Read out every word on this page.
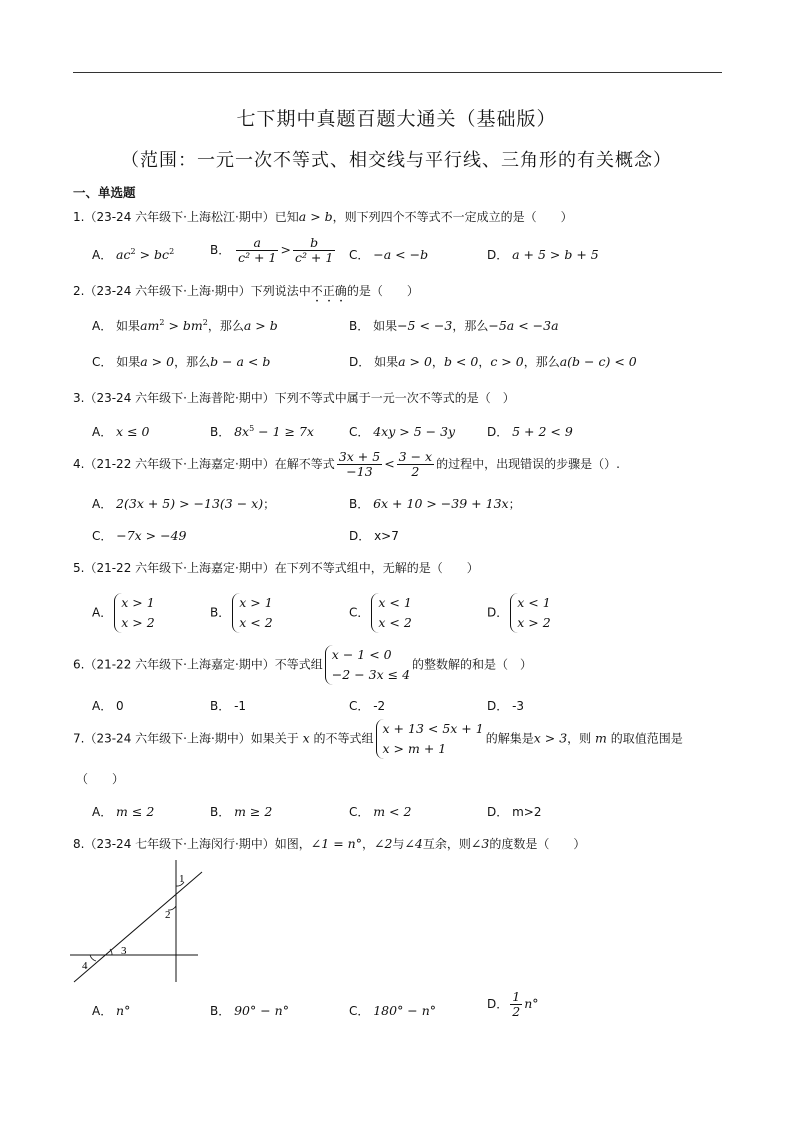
七下期中真题百题大通关（基础版）
（范围：一元一次不等式、相交线与平行线、三角形的有关概念）
一、单选题
1.（23-24 六年级下·上海松江·期中）已知a > b，则下列四个不等式不一定成立的是（　　）
A． $ac^2 > bc^2$	B． $\frac{a}{\text{c² + 1}} > \frac{b}{\text{c² + 1}}$ C． −a < −b	D． a + 5 > b + 5
2.（23-24 六年级下·上海·期中）下列说法中不正确的是（　　）
A． 如果$am^2 > bm^2$，那么a > b	B． 如果−5 < −3，那么−5a < −3a
C． 如果a > 0，那么b − a < b	D． 如果a > 0，b < 0，c > 0，那么a(b − c) < 0
3.（23-24 六年级下·上海普陀·期中）下列不等式中属于一元一次不等式的是（　）
A． x ≤ 0	B． $8x^5 - 1 \ge 7x$	C． 4xy > 5 − 3y	D． 5 + 2 < 9
4.（21-22 六年级下·上海嘉定·期中）在解不等式 $\frac{3x + 5}{-13} < \frac{3 - x}{2}$ 的过程中，出现错误的步骤是（）.
A． 2(3x + 5) > −13(3 − x)；	B． 6x + 10 > −39 + 13x；
C． −7x > −49	D． x>7
5.（21-22 六年级下·上海嘉定·期中）在下列不等式组中，无解的是（　　）
A．
x > 1
x > 2
B．
x > 1
x < 2
C．
x < 1
x < 2
D．
x < 1
x > 2
6.（21-22 六年级下·上海嘉定·期中）不等式组
x − 1 < 0
−2 − 3x ≤ 4
的整数解的和是（　）
A． 0	B． -1	C． -2	D． -3
7.（23-24 六年级下·上海·期中）如果关于 x 的不等式组
x + 13 < 5x + 1
x > m + 1
的解集是x > 3，则 m 的取值范围是
（　　）
A． m ≤ 2	B． m ≥ 2	C． m < 2	D． m>2
8.（23-24 七年级下·上海闵行·期中）如图，∠1 = n°，∠2与∠4互余，则∠3的度数是（　　）
1
2
3
4
A． n°	B． 90° − n°	C． 180° − n°	D． $\frac{1}{2} n^\circ$
